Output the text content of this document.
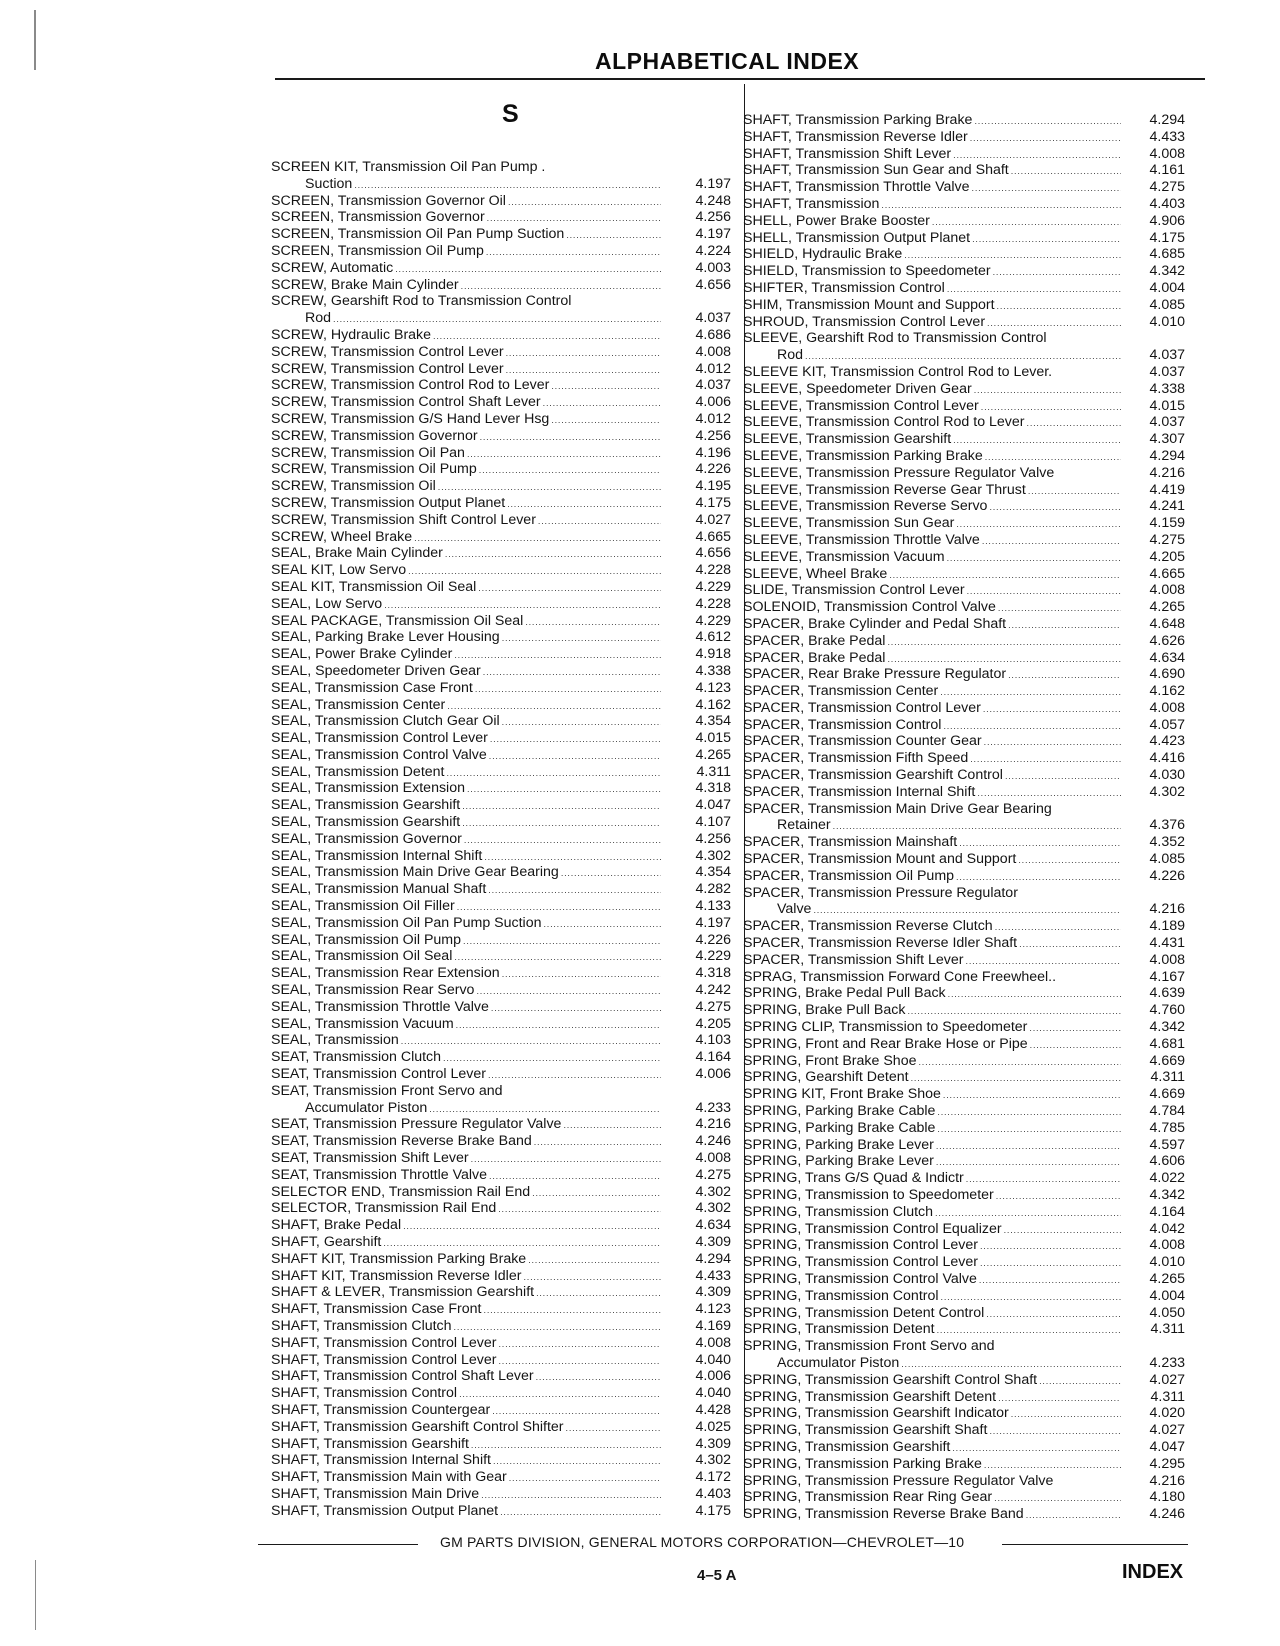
ALPHABETICAL INDEX
S
SCREEN KIT, Transmission Oil Pan Pump .
Suction .....	4.197
SCREEN, Transmission Governor Oil .....	4.248
SCREEN, Transmission Governor .....	4.256
SCREEN, Transmission Oil Pan Pump Suction .....	4.197
SCREEN, Transmission Oil Pump .....	4.224
SCREW, Automatic .....	4.003
SCREW, Brake Main Cylinder .....	4.656
SCREW, Gearshift Rod to Transmission Control
Rod .....	4.037
SCREW, Hydraulic Brake .....	4.686
SCREW, Transmission Control Lever .....	4.008
SCREW, Transmission Control Lever .....	4.012
SCREW, Transmission Control Rod to Lever .....	4.037
SCREW, Transmission Control Shaft Lever .....	4.006
SCREW, Transmission G/S Hand Lever Hsg .....	4.012
SCREW, Transmission Governor .....	4.256
SCREW, Transmission Oil Pan .....	4.196
SCREW, Transmission Oil Pump .....	4.226
SCREW, Transmission Oil .....	4.195
SCREW, Transmission Output Planet .....	4.175
SCREW, Transmission Shift Control Lever .....	4.027
SCREW, Wheel Brake .....	4.665
SEAL, Brake Main Cylinder .....	4.656
SEAL KIT, Low Servo .....	4.228
SEAL KIT, Transmission Oil Seal .....	4.229
SEAL, Low Servo .....	4.228
SEAL PACKAGE, Transmission Oil Seal .....	4.229
SEAL, Parking Brake Lever Housing .....	4.612
SEAL, Power Brake Cylinder .....	4.918
SEAL, Speedometer Driven Gear .....	4.338
SEAL, Transmission Case Front .....	4.123
SEAL, Transmission Center .....	4.162
SEAL, Transmission Clutch Gear Oil .....	4.354
SEAL, Transmission Control Lever .....	4.015
SEAL, Transmission Control Valve .....	4.265
SEAL, Transmission Detent .....	4.311
SEAL, Transmission Extension .....	4.318
SEAL, Transmission Gearshift .....	4.047
SEAL, Transmission Gearshift .....	4.107
SEAL, Transmission Governor .....	4.256
SEAL, Transmission Internal Shift .....	4.302
SEAL, Transmission Main Drive Gear Bearing .....	4.354
SEAL, Transmission Manual Shaft .....	4.282
SEAL, Transmission Oil Filler .....	4.133
SEAL, Transmission Oil Pan Pump Suction .....	4.197
SEAL, Transmission Oil Pump .....	4.226
SEAL, Transmission Oil Seal .....	4.229
SEAL, Transmission Rear Extension .....	4.318
SEAL, Transmission Rear Servo .....	4.242
SEAL, Transmission Throttle Valve .....	4.275
SEAL, Transmission Vacuum .....	4.205
SEAL, Transmission .....	4.103
SEAT, Transmission Clutch .....	4.164
SEAT, Transmission Control Lever .....	4.006
SEAT, Transmission Front Servo and
Accumulator Piston .....	4.233
SEAT, Transmission Pressure Regulator Valve .....	4.216
SEAT, Transmission Reverse Brake Band .....	4.246
SEAT, Transmission Shift Lever .....	4.008
SEAT, Transmission Throttle Valve .....	4.275
SELECTOR END, Transmission Rail End .....	4.302
SELECTOR, Transmission Rail End .....	4.302
SHAFT, Brake Pedal .....	4.634
SHAFT, Gearshift .....	4.309
SHAFT KIT, Transmission Parking Brake .....	4.294
SHAFT KIT, Transmission Reverse Idler .....	4.433
SHAFT & LEVER, Transmission Gearshift .....	4.309
SHAFT, Transmission Case Front .....	4.123
SHAFT, Transmission Clutch .....	4.169
SHAFT, Transmission Control Lever .....	4.008
SHAFT, Transmission Control Lever .....	4.040
SHAFT, Transmission Control Shaft Lever .....	4.006
SHAFT, Transmission Control .....	4.040
SHAFT, Transmission Countergear .....	4.428
SHAFT, Transmission Gearshift Control Shifter .....	4.025
SHAFT, Transmission Gearshift .....	4.309
SHAFT, Transmission Internal Shift .....	4.302
SHAFT, Transmission Main with Gear .....	4.172
SHAFT, Transmission Main Drive .....	4.403
SHAFT, Transmission Output Planet .....	4.175
SHAFT, Transmission Parking Brake .....	4.294
SHAFT, Transmission Reverse Idler .....	4.433
SHAFT, Transmission Shift Lever .....	4.008
SHAFT, Transmission Sun Gear and Shaft .....	4.161
SHAFT, Transmission Throttle Valve .....	4.275
SHAFT, Transmission .....	4.403
SHELL, Power Brake Booster .....	4.906
SHELL, Transmission Output Planet .....	4.175
SHIELD, Hydraulic Brake .....	4.685
SHIELD, Transmission to Speedometer .....	4.342
SHIFTER, Transmission Control .....	4.004
SHIM, Transmission Mount and Support .....	4.085
SHROUD, Transmission Control Lever .....	4.010
SLEEVE, Gearshift Rod to Transmission Control
Rod .....	4.037
SLEEVE KIT, Transmission Control Rod to Lever.	4.037
SLEEVE, Speedometer Driven Gear .....	4.338
SLEEVE, Transmission Control Lever .....	4.015
SLEEVE, Transmission Control Rod to Lever .....	4.037
SLEEVE, Transmission Gearshift .....	4.307
SLEEVE, Transmission Parking Brake .....	4.294
SLEEVE, Transmission Pressure Regulator Valve	4.216
SLEEVE, Transmission Reverse Gear Thrust .....	4.419
SLEEVE, Transmission Reverse Servo .....	4.241
SLEEVE, Transmission Sun Gear .....	4.159
SLEEVE, Transmission Throttle Valve .....	4.275
SLEEVE, Transmission Vacuum .....	4.205
SLEEVE, Wheel Brake .....	4.665
SLIDE, Transmission Control Lever .....	4.008
SOLENOID, Transmission Control Valve .....	4.265
SPACER, Brake Cylinder and Pedal Shaft .....	4.648
SPACER, Brake Pedal .....	4.626
SPACER, Brake Pedal .....	4.634
SPACER, Rear Brake Pressure Regulator .....	4.690
SPACER, Transmission Center .....	4.162
SPACER, Transmission Control Lever .....	4.008
SPACER, Transmission Control .....	4.057
SPACER, Transmission Counter Gear .....	4.423
SPACER, Transmission Fifth Speed .....	4.416
SPACER, Transmission Gearshift Control .....	4.030
SPACER, Transmission Internal Shift .....	4.302
SPACER, Transmission Main Drive Gear Bearing
Retainer .....	4.376
SPACER, Transmission Mainshaft .....	4.352
SPACER, Transmission Mount and Support .....	4.085
SPACER, Transmission Oil Pump .....	4.226
SPACER, Transmission Pressure Regulator
Valve .....	4.216
SPACER, Transmission Reverse Clutch .....	4.189
SPACER, Transmission Reverse Idler Shaft .....	4.431
SPACER, Transmission Shift Lever .....	4.008
SPRAG, Transmission Forward Cone Freewheel..	4.167
SPRING, Brake Pedal Pull Back .....	4.639
SPRING, Brake Pull Back .....	4.760
SPRING CLIP, Transmission to Speedometer .....	4.342
SPRING, Front and Rear Brake Hose or Pipe .....	4.681
SPRING, Front Brake Shoe .....	4.669
SPRING, Gearshift Detent .....	4.311
SPRING KIT, Front Brake Shoe .....	4.669
SPRING, Parking Brake Cable .....	4.784
SPRING, Parking Brake Cable .....	4.785
SPRING, Parking Brake Lever .....	4.597
SPRING, Parking Brake Lever .....	4.606
SPRING, Trans G/S Quad & Indictr .....	4.022
SPRING, Transmission to Speedometer .....	4.342
SPRING, Transmission Clutch .....	4.164
SPRING, Transmission Control Equalizer .....	4.042
SPRING, Transmission Control Lever .....	4.008
SPRING, Transmission Control Lever .....	4.010
SPRING, Transmission Control Valve .....	4.265
SPRING, Transmission Control .....	4.004
SPRING, Transmission Detent Control .....	4.050
SPRING, Transmission Detent .....	4.311
SPRING, Transmission Front Servo and
Accumulator Piston .....	4.233
SPRING, Transmission Gearshift Control Shaft .....	4.027
SPRING, Transmission Gearshift Detent .....	4.311
SPRING, Transmission Gearshift Indicator .....	4.020
SPRING, Transmission Gearshift Shaft .....	4.027
SPRING, Transmission Gearshift .....	4.047
SPRING, Transmission Parking Brake .....	4.295
SPRING, Transmission Pressure Regulator Valve	4.216
SPRING, Transmission Rear Ring Gear .....	4.180
SPRING, Transmission Reverse Brake Band .....	4.246
GM PARTS DIVISION, GENERAL MOTORS CORPORATION—CHEVROLET—10
4–5 A	INDEX
